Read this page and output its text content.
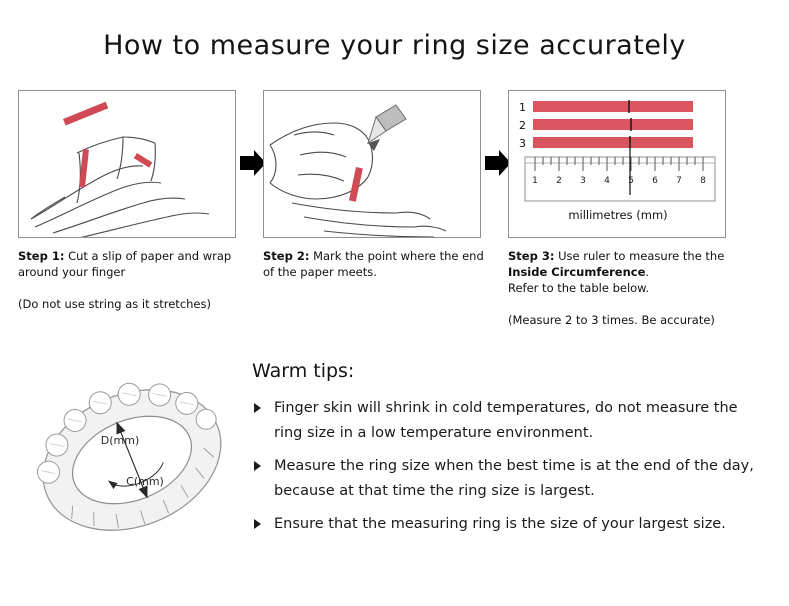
How to measure your ring size accurately
Step 1: Cut a slip of paper and wrap around your finger
(Do not use string as it stretches)
Step 2: Mark the point where the end of the paper meets.
1
2
3
1 2 3 4 5 6 7 8
millimetres (mm)
Step 3: Use ruler to measure the the Inside Circumference.
Refer to the table below.
(Measure 2 to 3 times. Be accurate)
D(mm)
C(mm)
Warm tips:
Finger skin will shrink in cold temperatures, do not measure the ring size in a low temperature environment.
Measure the ring size when the best time is at the end of the day, because at that time the ring size is largest.
Ensure that the measuring ring is the size of your largest size.
